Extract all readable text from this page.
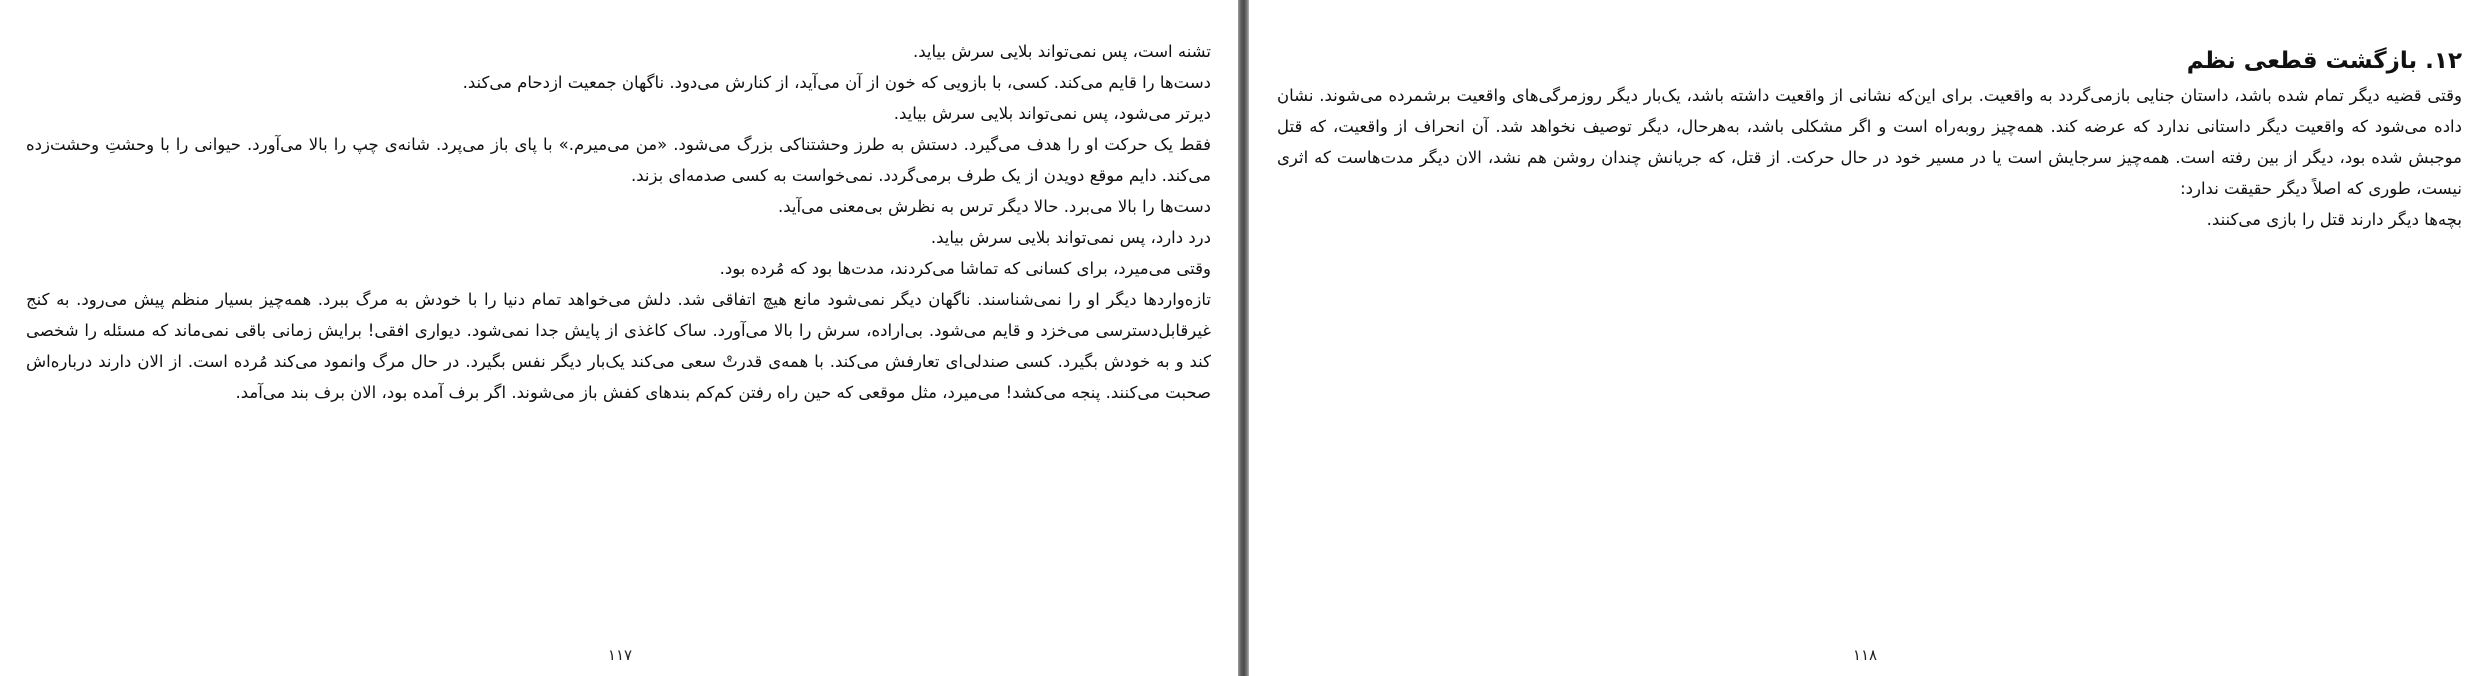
تشنه است، پس نمی‌تواند بلایی سرش بیاید.

دست‌ها را قایم می‌کند. کسی، با بازویی که خون از آن می‌آید، از کنارش می‌دود. ناگهان جمعیت ازدحام می‌کند.

دیرتر می‌شود، پس نمی‌تواند بلایی سرش بیاید.

فقط یک حرکت او را هدف می‌گیرد. دستش به طرز وحشتناکی بزرگ می‌شود. «من می‌میرم.» با پای باز می‌پرد. شانه‌ی چپ را بالا می‌آورد. حیوانی را با وحشتِ وحشت‌زده می‌کند. دایم موقع دویدن از یک طرف برمی‌گردد. نمی‌خواست به کسی صدمه‌ای بزند.

دست‌ها را بالا می‌برد. حالا دیگر ترس به نظرش بی‌معنی می‌آید.

درد دارد، پس نمی‌تواند بلایی سرش بیاید.

وقتی می‌میرد، برای کسانی که تماشا می‌کردند، مدت‌ها بود که مُرده بود.

تازه‌واردها دیگر او را نمی‌شناسند. ناگهان دیگر نمی‌شود مانع هیچ اتفاقی شد. دلش می‌خواهد تمام دنیا را با خودش به مرگ ببرد. همه‌چیز بسیار منظم پیش می‌رود. به کنج غیرقابل‌دسترسی می‌خزد و قایم می‌شود. بی‌اراده، سرش را بالا می‌آورد. ساک کاغذی از پایش جدا نمی‌شود. دیواری افقی! برایش زمانی باقی نمی‌ماند که مسئله را شخصی کند و به خودش بگیرد. کسی صندلی‌ای تعارفش می‌کند. با همه‌ی قدرتْ سعی می‌کند یک‌بار دیگر نفس بگیرد. در حال مرگ وانمود می‌کند مُرده است. از الان دارند درباره‌اش صحبت می‌کنند. پنجه می‌کشد! می‌میرد، مثل موقعی که حین راه رفتن کم‌کم بندهای کفش باز می‌شوند. اگر برف آمده بود، الان برف بند می‌آمد.

۱۱۷
۱۲. بازگشت قطعی نظم

وقتی قضیه دیگر تمام شده باشد، داستان جنایی بازمی‌گردد به واقعیت. برای این‌که نشانی از واقعیت داشته باشد، یک‌بار دیگر روزمرگی‌های واقعیت برشمرده می‌شوند. نشان داده می‌شود که واقعیت دیگر داستانی ندارد که عرضه کند. همه‌چیز روبه‌راه است و اگر مشکلی باشد، به‌هرحال، دیگر توصیف نخواهد شد. آن انحراف از واقعیت، که قتل موجبش شده بود، دیگر از بین رفته است. همه‌چیز سرجایش است یا در مسیر خود در حال حرکت. از قتل، که جریانش چندان روشن هم نشد، الان دیگر مدت‌هاست که اثری نیست، طوری که اصلاً دیگر حقیقت ندارد:

بچه‌ها دیگر دارند قتل را بازی می‌کنند.

۱۱۸
